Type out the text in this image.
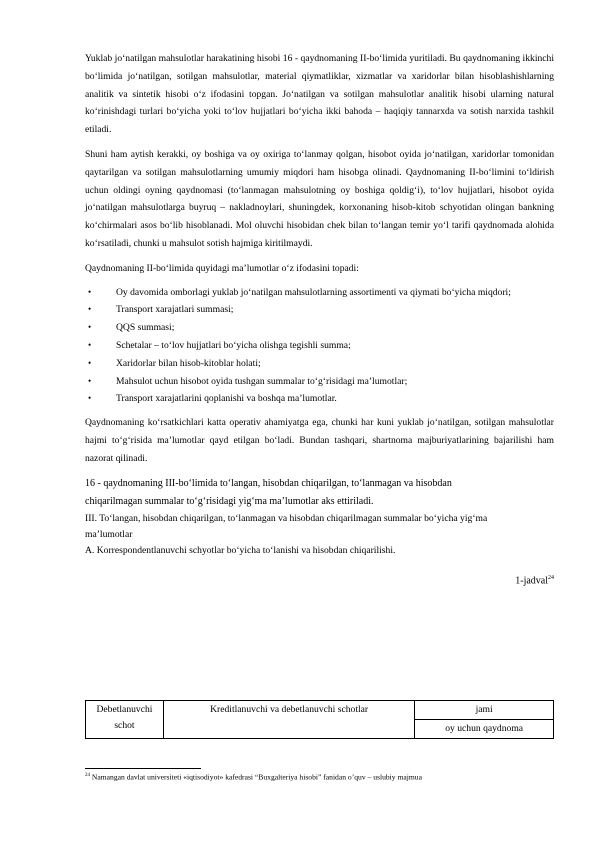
Yuklab jo‘natilgan mahsulotlar harakatining hisobi 16 - qaydnomaning II-bo‘limida yuritiladi. Bu qaydnomaning ikkinchi bo‘limida jo‘natilgan, sotilgan mahsulotlar, material qiymatliklar, xizmatlar va xaridorlar bilan hisoblashishlarning analitik va sintetik hisobi o‘z ifodasini topgan. Jo‘natilgan va sotilgan mahsulotlar analitik hisobi ularning natural ko‘rinishdagi turlari bo‘yicha yoki to‘lov hujjatlari bo‘yicha ikki bahoda – haqiqiy tannarxda va sotish narxida tashkil etiladi.

Shuni ham aytish kerakki, oy boshiga va oy oxiriga to‘lanmay qolgan, hisobot oyida jo‘natilgan, xaridorlar tomonidan qaytarilgan va sotilgan mahsulotlarning umumiy miqdori ham hisobga olinadi. Qaydnomaning II-bo‘limini to‘ldirish uchun oldingi oyning qaydnomasi (to‘lanmagan mahsulotning oy boshiga qoldig‘i), to‘lov hujjatlari, hisobot oyida jo‘natilgan mahsulotlarga buyruq – nakladnoylari, shuningdek, korxonaning hisob-kitob schyotidan olingan bankning ko‘chirmalari asos bo‘lib hisoblanadi. Mol oluvchi hisobidan chek bilan to‘langan temir yo‘l tarifi qaydnomada alohida ko‘rsatiladi, chunki u mahsulot sotish hajmiga kiritilmaydi.

Qaydnomaning II-bo‘limida quyidagi ma’lumotlar o‘z ifodasini topadi:

•	Oy davomida omborlagi yuklab jo‘natilgan mahsulotlarning assortimenti va qiymati bo‘yicha miqdori;
•	Transport xarajatlari summasi;
•	QQS summasi;
•	Schetalar – to‘lov hujjatlari bo‘yicha olishga tegishli summa;
•	Xaridorlar bilan hisob-kitoblar holati;
•	Mahsulot uchun hisobot oyida tushgan summalar to‘g‘risidagi ma’lumotlar;
•	Transport xarajatlarini qoplanishi va boshqa ma’lumotlar.

Qaydnomaning ko‘rsatkichlari katta operativ ahamiyatga ega, chunki har kuni yuklab jo‘natilgan, sotilgan mahsulotlar hajmi to‘g‘risida ma’lumotlar qayd etilgan bo‘ladi. Bundan tashqari, shartnoma majburiyatlarining bajarilishi ham nazorat qilinadi.

16 - qaydnomaning III-bo‘limida to‘langan, hisobdan chiqarilgan, to‘lanmagan va hisobdan
chiqarilmagan summalar to‘g‘risidagi yig‘ma ma’lumotlar aks ettiriladi.
III. To‘langan, hisobdan chiqarilgan, to‘lanmagan va hisobdan chiqarilmagan summalar bo‘yicha yig‘ma
ma’lumotlar
A. Korrespondentlanuvchi schyotlar bo‘yicha to‘lanishi va hisobdan chiqarilishi.
1-jadval$^{24}$
Debetlanuvchi schot	Kreditlanuvchi va debetlanuvchi schotlar	jami
oy uchun qaydnoma
$^{24}$ Namangan davlat universiteti «iqtisodiyot» kafedrasi “Buxgalteriya hisobi” fanidan o’quv – uslubiy majmua
